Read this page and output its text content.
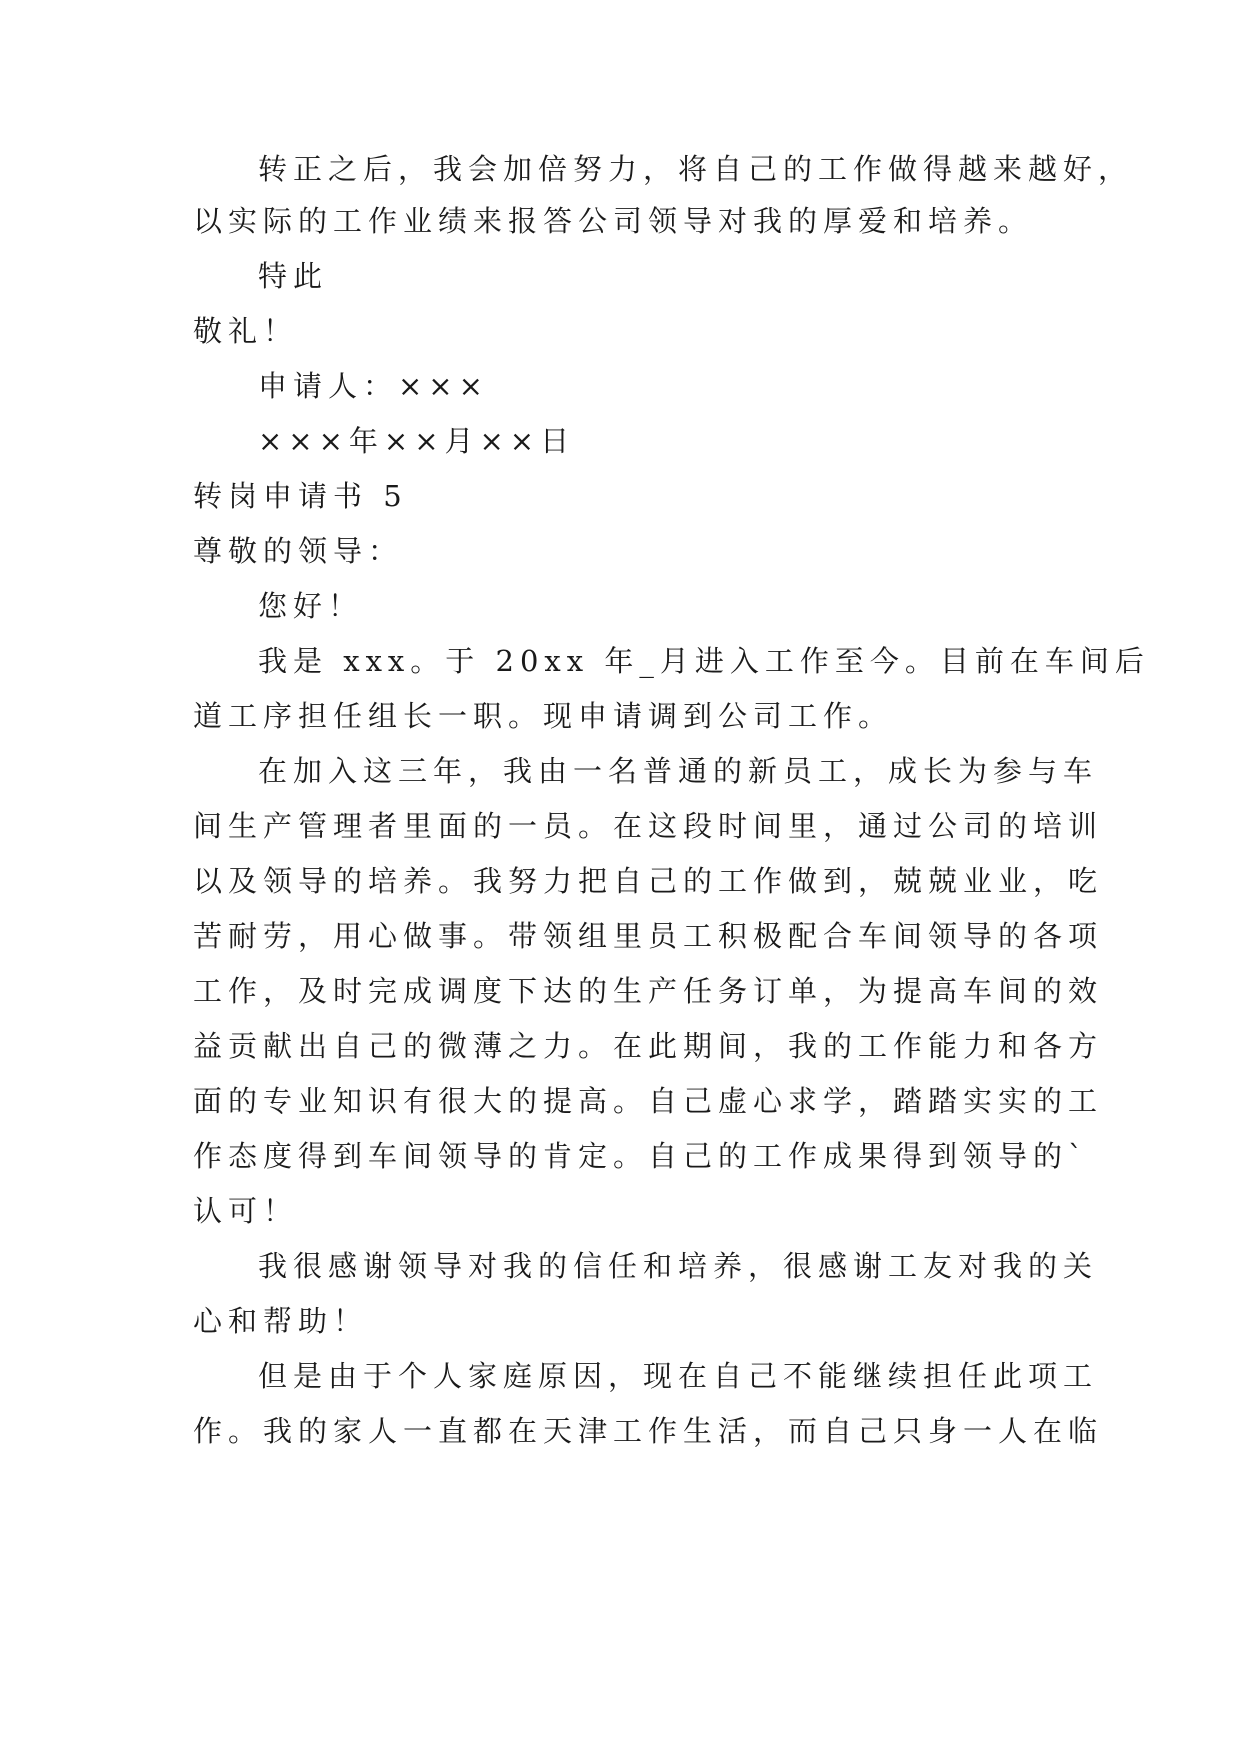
转正之后，我会加倍努力，将自己的工作做得越来越好，

以实际的工作业绩来报答公司领导对我的厚爱和培养。

特此

敬礼！

申请人：×××

×××年××月××日

转岗申请书 5

尊敬的领导：

您好！

我是 xxx。于 20xx 年_月进入工作至今。目前在车间后

道工序担任组长一职。现申请调到公司工作。

在加入这三年，我由一名普通的新员工，成长为参与车

间生产管理者里面的一员。在这段时间里，通过公司的培训

以及领导的培养。我努力把自己的工作做到，兢兢业业，吃

苦耐劳，用心做事。带领组里员工积极配合车间领导的各项

工作，及时完成调度下达的生产任务订单，为提高车间的效

益贡献出自己的微薄之力。在此期间，我的工作能力和各方

面的专业知识有很大的提高。自己虚心求学，踏踏实实的工

作态度得到车间领导的肯定。自己的工作成果得到领导的`

认可！

我很感谢领导对我的信任和培养，很感谢工友对我的关

心和帮助！

但是由于个人家庭原因，现在自己不能继续担任此项工

作。我的家人一直都在天津工作生活，而自己只身一人在临
